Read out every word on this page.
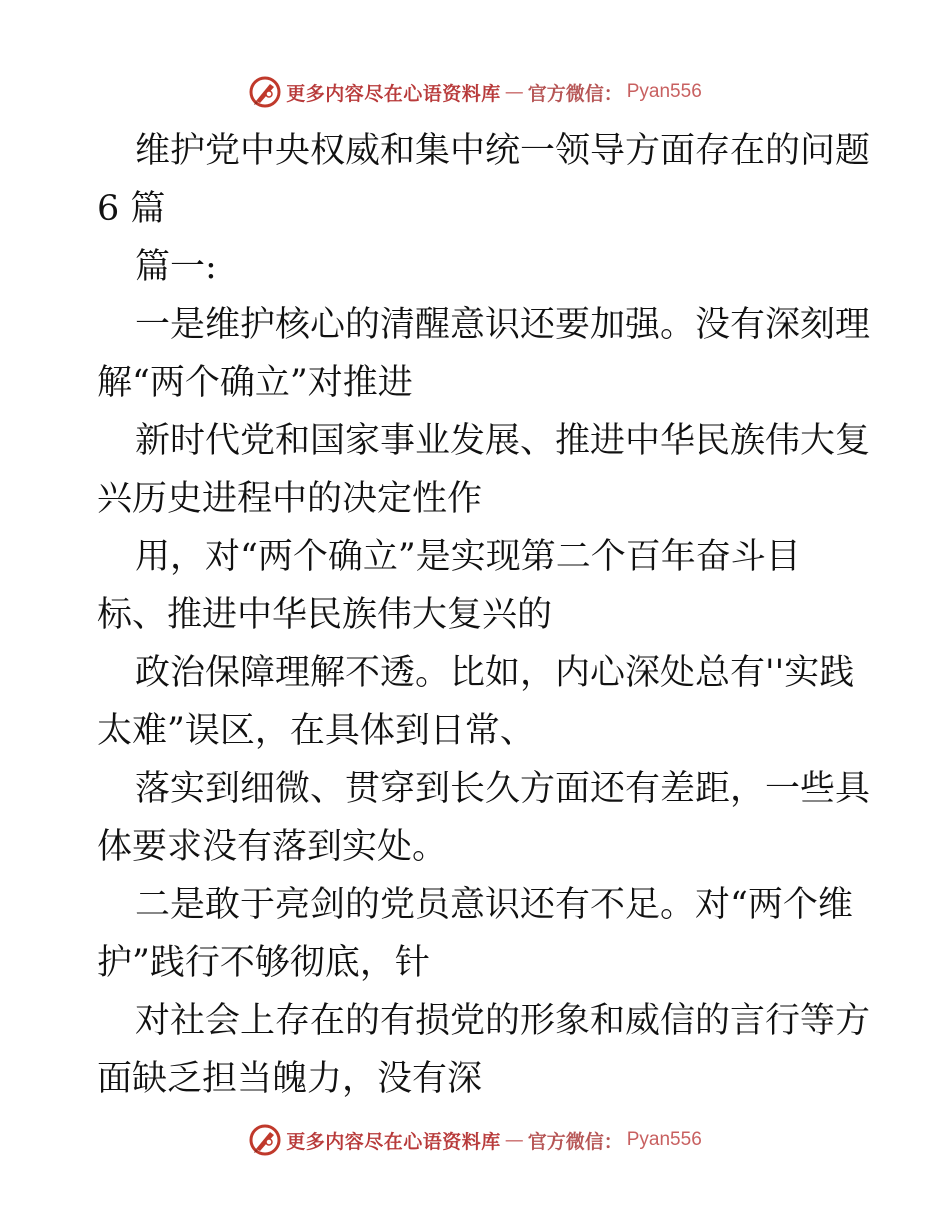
更多内容尽在心语资料库 — 官方微信： Pyan556
维护党中央权威和集中统一领导方面存在的问题
6 篇
篇一:
一是维护核心的清醒意识还要加强。没有深刻理
解“两个确立”对推进
新时代党和国家事业发展、推进中华民族伟大复
兴历史进程中的决定性作
用，对“两个确立”是实现第二个百年奋斗目
标、推进中华民族伟大复兴的
政治保障理解不透。比如，内心深处总有''实践
太难”误区，在具体到日常、
落实到细微、贯穿到长久方面还有差距，一些具
体要求没有落到实处。
二是敢于亮剑的党员意识还有不足。对“两个维
护”践行不够彻底，针
对社会上存在的有损党的形象和威信的言行等方
面缺乏担当魄力，没有深
更多内容尽在心语资料库 — 官方微信： Pyan556
